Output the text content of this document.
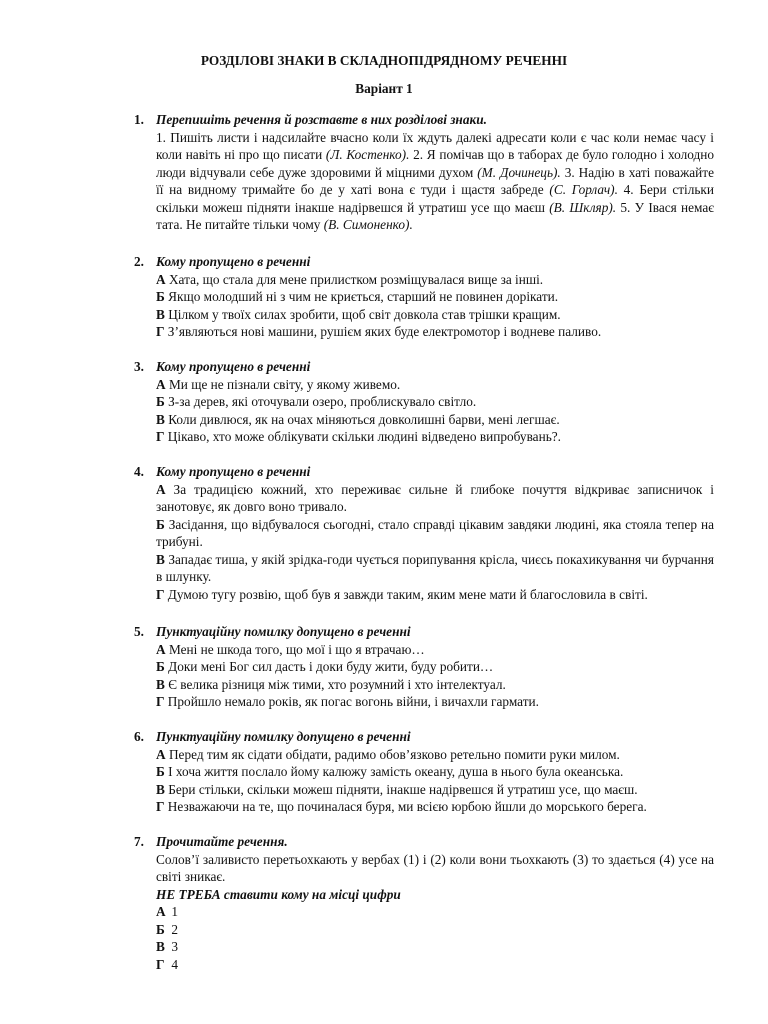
РОЗДІЛОВІ ЗНАКИ В СКЛАДНОПІДРЯДНОМУ РЕЧЕННІ
Варіант 1
1. Перепишіть речення й розставте в них розділові знаки.
1. Пишіть листи і надсилайте вчасно коли їх ждуть далекі адресати коли є час коли немає часу і коли навіть ні про що писати (Л. Костенко). 2. Я помічав що в таборах де було голодно і холодно люди відчували себе дуже здоровими й міцними духом (М. Дочинець). 3. Надію в хаті поважайте її на видному тримайте бо де у хаті вона є туди і щастя забреде (С. Горлач). 4. Бери стільки скільки можеш підняти інакше надірвешся й утратиш усе що маєш (В. Шкляр). 5. У Івася немає тата. Не питайте тільки чому (В. Симоненко).
2. Кому пропущено в реченні
А Хата, що стала для мене прилистком розміщувалася вище за інші.
Б Якщо молодший ні з чим не криється, старший не повинен дорікати.
В Цілком у твоїх силах зробити, щоб світ довкола став трішки кращим.
Г З’являються нові машини, рушієм яких буде електромотор і водневе паливо.
3. Кому пропущено в реченні
А Ми ще не пізнали світу, у якому живемо.
Б З-за дерев, які оточували озеро, проблискувало світло.
В Коли дивлюся, як на очах міняються довколишні барви, мені легшає.
Г Цікаво, хто може облікувати скільки людині відведено випробувань?.
4. Кому пропущено в реченні
А За традицією кожний, хто переживає сильне й глибоке почуття відкриває записничок і занотовує, як довго воно тривало.
Б Засідання, що відбувалося сьогодні, стало справді цікавим завдяки людині, яка стояла тепер на трибуні.
В Западає тиша, у якій зрідка-годи чується порипування крісла, чиєсь покахикування чи бурчання в шлунку.
Г Думою тугу розвію, щоб був я завжди таким, яким мене мати й благословила в світі.
5. Пунктуаційну помилку допущено в реченні
А Мені не шкода того, що мої і що я втрачаю…
Б Доки мені Бог сил дасть і доки буду жити, буду робити…
В Є велика різниця між тими, хто розумний і хто інтелектуал.
Г Пройшло немало років, як погас вогонь війни, і вичахли гармати.
6. Пунктуаційну помилку допущено в реченні
А Перед тим як сідати обідати, радимо обов’язково ретельно помити руки милом.
Б І хоча життя послало йому калюжу замість океану, душа в нього була океанська.
В Бери стільки, скільки можеш підняти, інакше надірвешся й утратиш усе, що маєш.
Г Незважаючи на те, що починалася буря, ми всією юрбою йшли до морського берега.
7. Прочитайте речення.
Солов’ї заливисто перетьохкають у вербах (1) і (2) коли вони тьохкають (3) то здається (4) усе на світі зникає.
НЕ ТРЕБА ставити кому на місці цифри
А 1
Б 2
В 3
Г 4
